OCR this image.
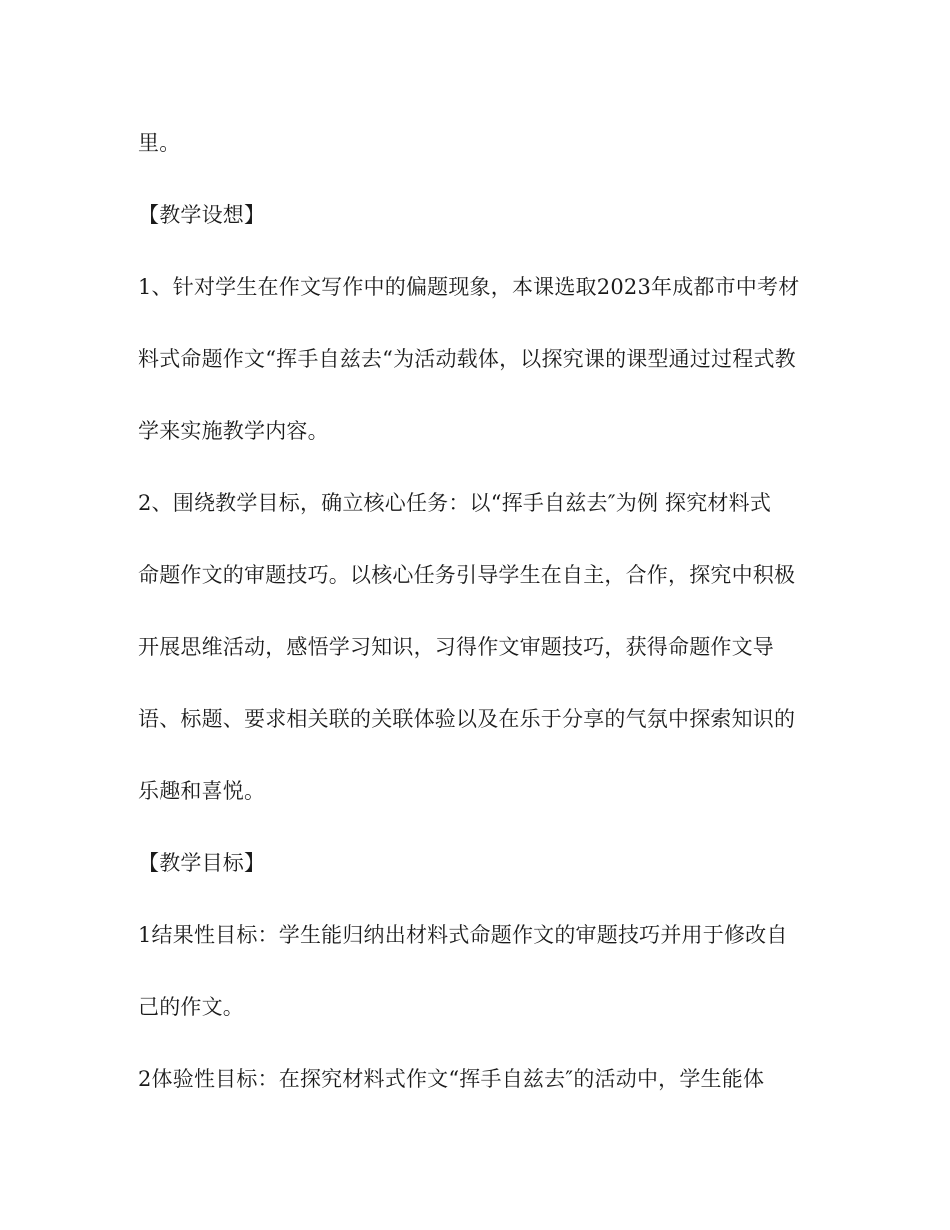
里。

【教学设想】

1、针对学生在作文写作中的偏题现象，本课选取2023年成都市中考材

料式命题作文“挥手自兹去“为活动载体，以探究课的课型通过过程式教

学来实施教学内容。

2、围绕教学目标，确立核心任务：以“挥手自兹去″为例 探究材料式

命题作文的审题技巧。以核心任务引导学生在自主，合作，探究中积极

开展思维活动，感悟学习知识，习得作文审题技巧，获得命题作文导

语、标题、要求相关联的关联体验以及在乐于分享的气氛中探索知识的

乐趣和喜悦。

【教学目标】

1结果性目标：学生能归纳出材料式命题作文的审题技巧并用于修改自

己的作文。

2体验性目标：在探究材料式作文“挥手自兹去″的活动中，学生能体
